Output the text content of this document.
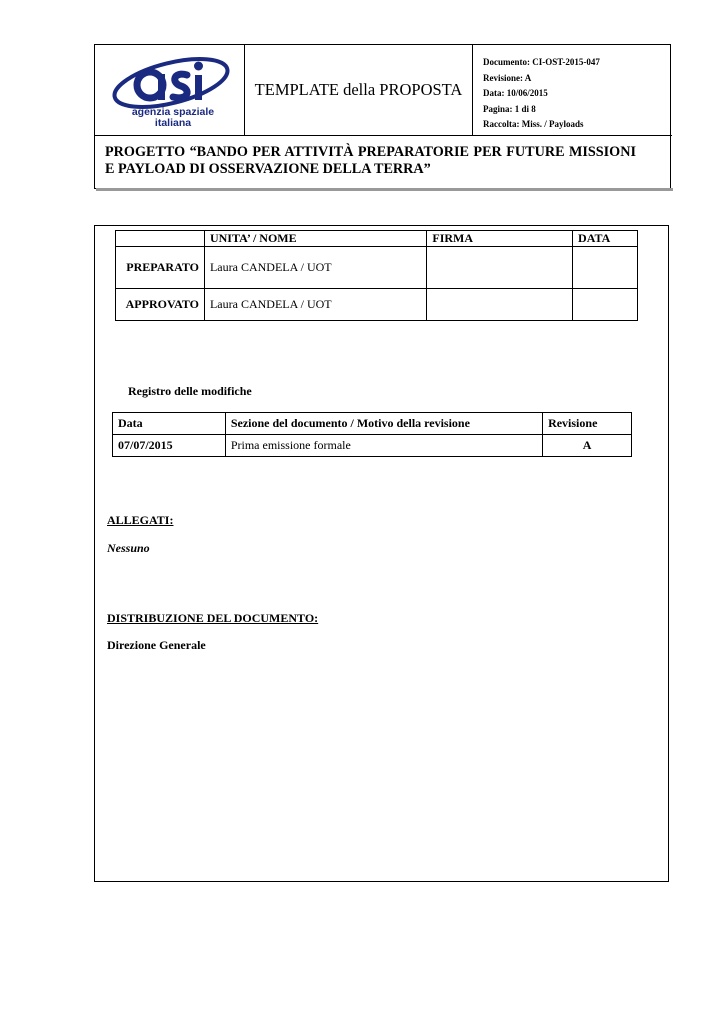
agenzia spaziale
italiana
TEMPLATE della PROPOSTA
Documento: CI-OST-2015-047
Revisione: A
Data: 10/06/2015
Pagina: 1 di 8
Raccolta: Miss. / Payloads
PROGETTO “BANDO PER ATTIVITÀ PREPARATORIE PER FUTURE MISSIONI E PAYLOAD DI OSSERVAZIONE DELLA TERRA”
	UNITA’ / NOME	FIRMA	DATA
PREPARATO	Laura CANDELA / UOT		
APPROVATO	Laura CANDELA / UOT		
Registro delle modifiche
Data	Sezione del documento / Motivo della revisione	Revisione
07/07/2015	Prima emissione formale	A
ALLEGATI:
Nessuno
DISTRIBUZIONE DEL DOCUMENTO:
Direzione Generale
